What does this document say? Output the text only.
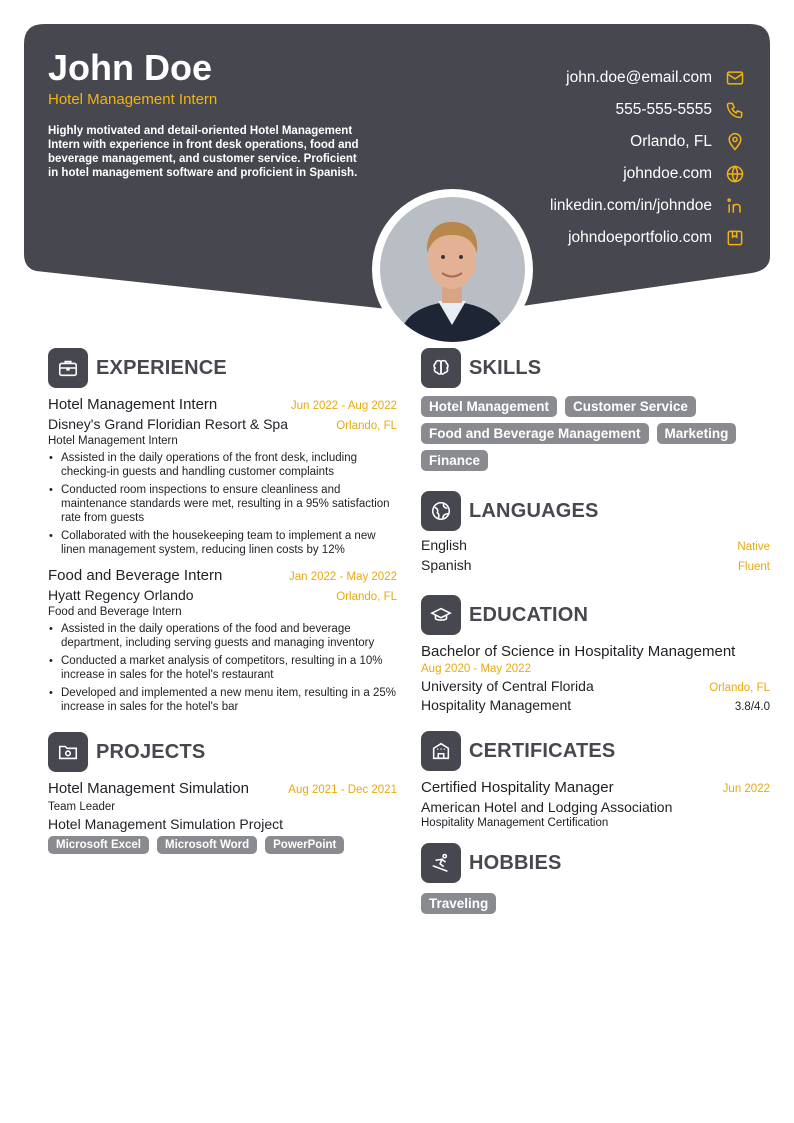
John Doe
Hotel Management Intern
Highly motivated and detail-oriented Hotel Management Intern with experience in front desk operations, food and beverage management, and customer service. Proficient in hotel management software and proficient in Spanish.
john.doe@email.com
555-555-5555
Orlando, FL
johndoe.com
linkedin.com/in/johndoe
johndoeportfolio.com
EXPERIENCE
Hotel Management Intern	Jun 2022 - Aug 2022
Disney's Grand Floridian Resort & Spa	Orlando, FL
Hotel Management Intern
• Assisted in the daily operations of the front desk, including checking-in guests and handling customer complaints
• Conducted room inspections to ensure cleanliness and maintenance standards were met, resulting in a 95% satisfaction rate from guests
• Collaborated with the housekeeping team to implement a new linen management system, reducing linen costs by 12%
Food and Beverage Intern	Jan 2022 - May 2022
Hyatt Regency Orlando	Orlando, FL
Food and Beverage Intern
• Assisted in the daily operations of the food and beverage department, including serving guests and managing inventory
• Conducted a market analysis of competitors, resulting in a 10% increase in sales for the hotel's restaurant
• Developed and implemented a new menu item, resulting in a 25% increase in sales for the hotel's bar
PROJECTS
Hotel Management Simulation	Aug 2021 - Dec 2021
Team Leader
Hotel Management Simulation Project
Microsoft Excel	Microsoft Word	PowerPoint
SKILLS
Hotel Management	Customer Service
Food and Beverage Management	Marketing
Finance
LANGUAGES
English	Native
Spanish	Fluent
EDUCATION
Bachelor of Science in Hospitality Management
Aug 2020 - May 2022
University of Central Florida	Orlando, FL
Hospitality Management	3.8/4.0
CERTIFICATES
Certified Hospitality Manager	Jun 2022
American Hotel and Lodging Association
Hospitality Management Certification
HOBBIES
Traveling
